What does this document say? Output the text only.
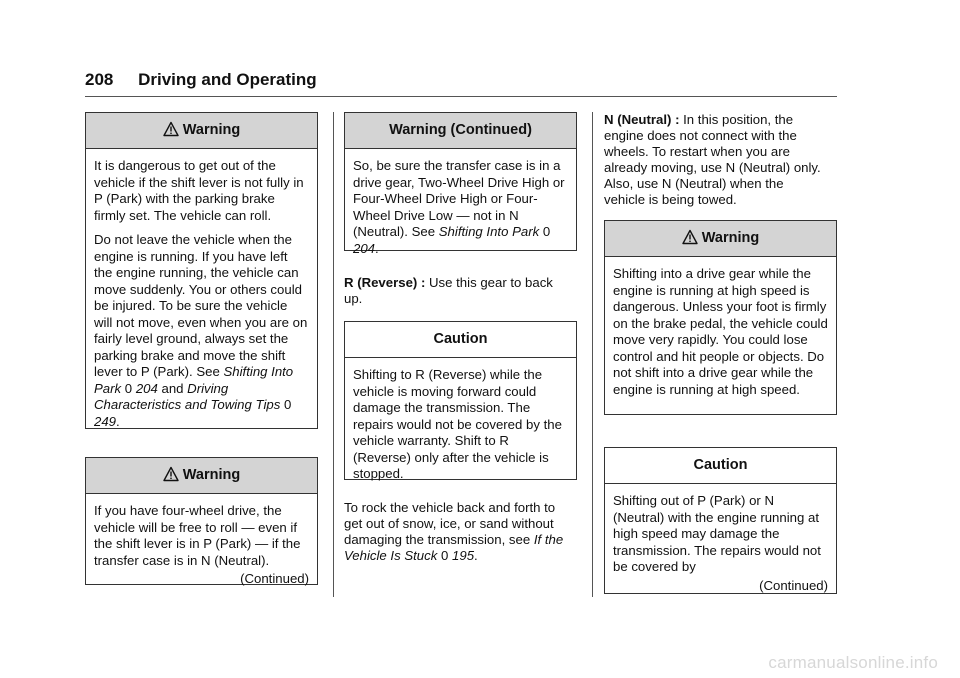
208 Driving and Operating
Warning

It is dangerous to get out of the vehicle if the shift lever is not fully in P (Park) with the parking brake firmly set. The vehicle can roll.

Do not leave the vehicle when the engine is running. If you have left the engine running, the vehicle can move suddenly. You or others could be injured. To be sure the vehicle will not move, even when you are on fairly level ground, always set the parking brake and move the shift lever to P (Park). See Shifting Into Park 0 204 and Driving Characteristics and Towing Tips 0 249.

Warning

If you have four-wheel drive, the vehicle will be free to roll — even if the shift lever is in P (Park) — if the transfer case is in N (Neutral).

(Continued)
Warning (Continued)

So, be sure the transfer case is in a drive gear, Two-Wheel Drive High or Four-Wheel Drive High or Four-Wheel Drive Low — not in N (Neutral). See Shifting Into Park 0 204.

R (Reverse) : Use this gear to back up.

Caution

Shifting to R (Reverse) while the vehicle is moving forward could damage the transmission. The repairs would not be covered by the vehicle warranty. Shift to R (Reverse) only after the vehicle is stopped.

To rock the vehicle back and forth to get out of snow, ice, or sand without damaging the transmission, see If the Vehicle Is Stuck 0 195.

N (Neutral) : In this position, the engine does not connect with the wheels. To restart when you are already moving, use N (Neutral) only. Also, use N (Neutral) when the vehicle is being towed.

Warning

Shifting into a drive gear while the engine is running at high speed is dangerous. Unless your foot is firmly on the brake pedal, the vehicle could move very rapidly. You could lose control and hit people or objects. Do not shift into a drive gear while the engine is running at high speed.

Caution

Shifting out of P (Park) or N (Neutral) with the engine running at high speed may damage the transmission. The repairs would not be covered by

(Continued)
carmanualsonline.info
